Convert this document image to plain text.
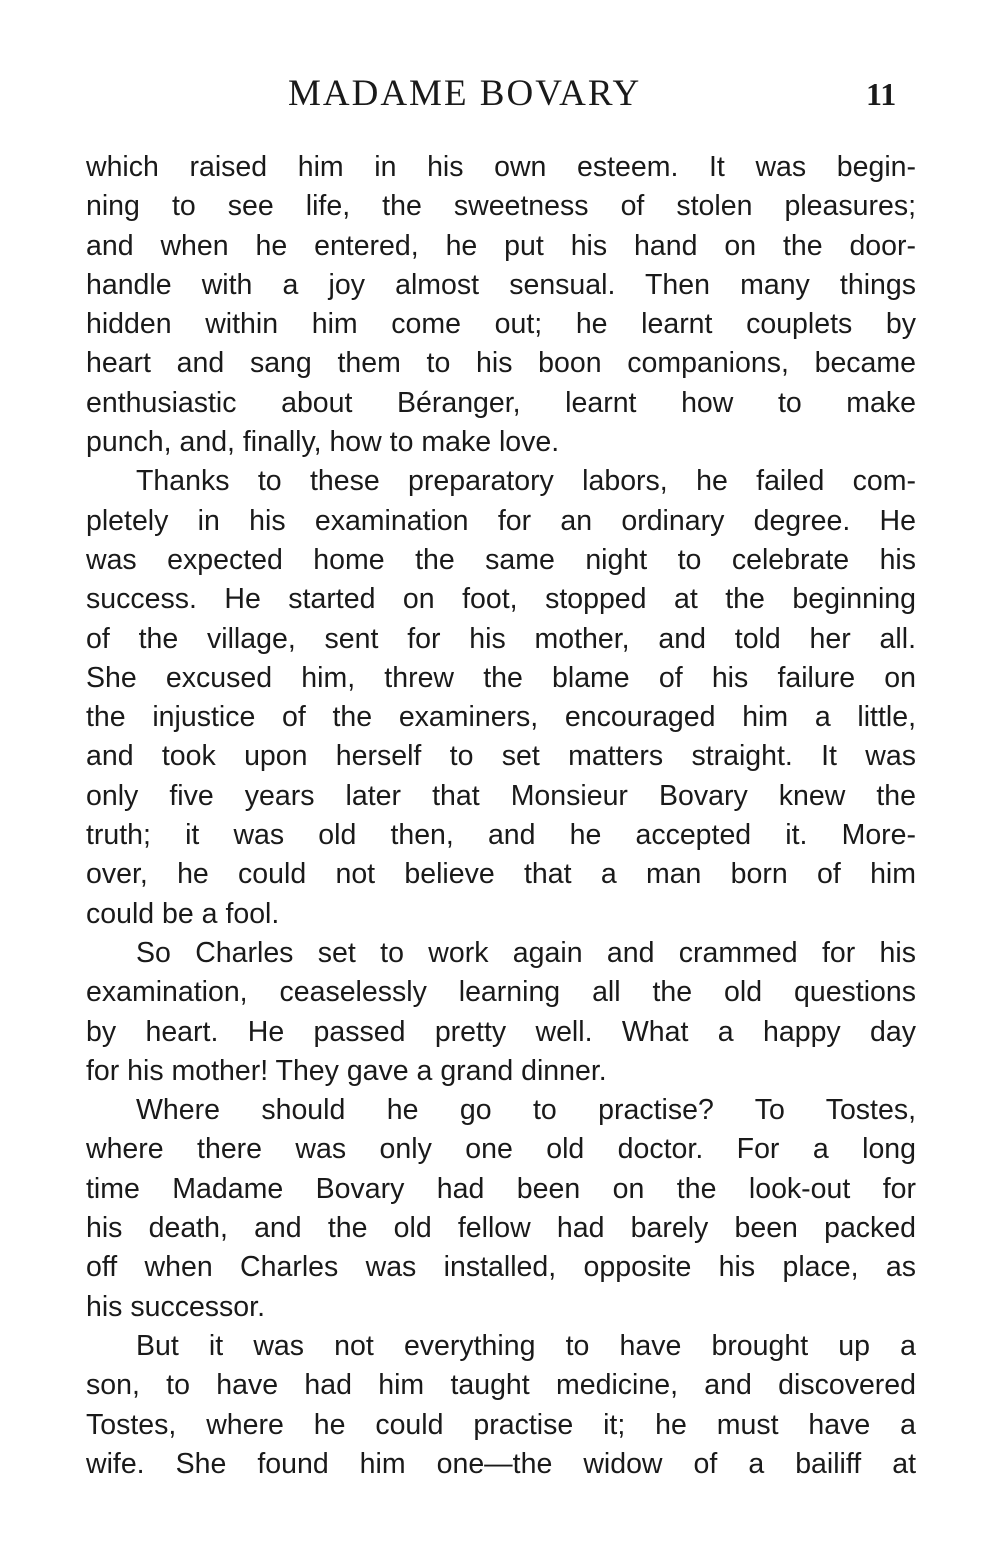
MADAME BOVARY	11
which raised him in his own esteem. It was begin-
ning to see life, the sweetness of stolen pleasures;
and when he entered, he put his hand on the door-
handle with a joy almost sensual. Then many things
hidden within him come out; he learnt couplets by
heart and sang them to his boon companions, became
enthusiastic about Béranger, learnt how to make
punch, and, finally, how to make love.
Thanks to these preparatory labors, he failed com-
pletely in his examination for an ordinary degree. He
was expected home the same night to celebrate his
success. He started on foot, stopped at the beginning
of the village, sent for his mother, and told her all.
She excused him, threw the blame of his failure on
the injustice of the examiners, encouraged him a little,
and took upon herself to set matters straight. It was
only five years later that Monsieur Bovary knew the
truth; it was old then, and he accepted it. More-
over, he could not believe that a man born of him
could be a fool.
So Charles set to work again and crammed for his
examination, ceaselessly learning all the old questions
by heart. He passed pretty well. What a happy day
for his mother! They gave a grand dinner.
Where should he go to practise? To Tostes,
where there was only one old doctor. For a long
time Madame Bovary had been on the look-out for
his death, and the old fellow had barely been packed
off when Charles was installed, opposite his place, as
his successor.
But it was not everything to have brought up a
son, to have had him taught medicine, and discovered
Tostes, where he could practise it; he must have a
wife. She found him one—the widow of a bailiff at
